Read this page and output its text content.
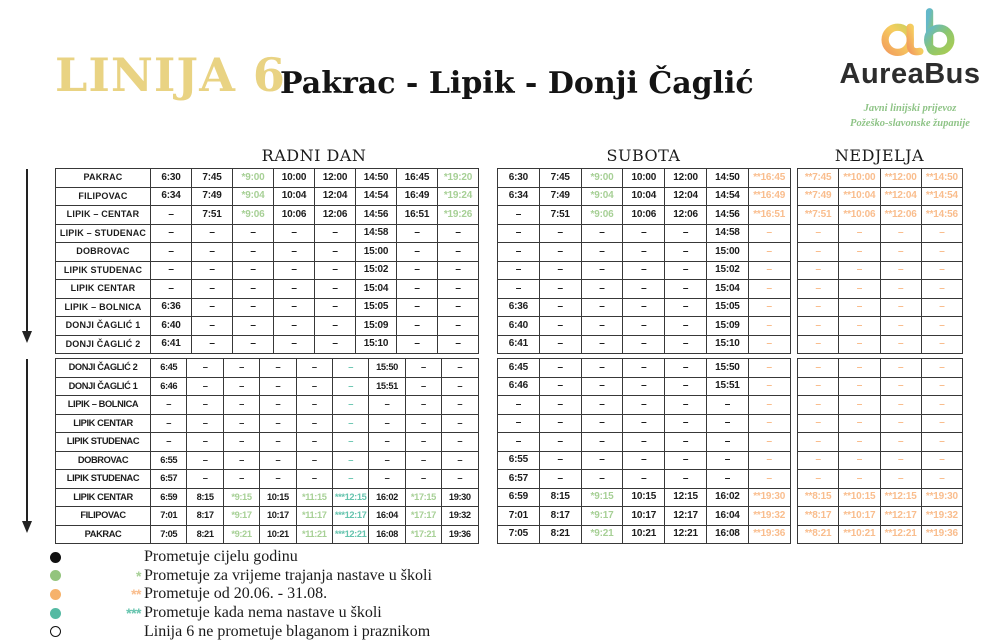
LINIJA 6
Pakrac - Lipik - Donji Čaglić	AureaBus
Javni linijski prijevoz
Požeško-slavonske županije
RADNI DAN	SUBOTA	NEDJELJA
PAKRAC	6:30	7:45	*9:00	10:00	12:00	14:50	16:45	*19:20
FILIPOVAC	6:34	7:49	*9:04	10:04	12:04	14:54	16:49	*19:24
LIPIK – CENTAR	–	7:51	*9:06	10:06	12:06	14:56	16:51	*19:26
LIPIK – STUDENAC	–	–	–	–	–	14:58	–	–
DOBROVAC	–	–	–	–	–	15:00	–	–
LIPIK STUDENAC	–	–	–	–	–	15:02	–	–
LIPIK CENTAR	–	–	–	–	–	15:04	–	–
LIPIK – BOLNICA	6:36	–	–	–	–	15:05	–	–
DONJI ČAGLIĆ 1	6:40	–	–	–	–	15:09	–	–
DONJI ČAGLIĆ 2	6:41	–	–	–	–	15:10	–	–
DONJI ČAGLIĆ 2	6:45	–	–	–	–	–	15:50	–	–
DONJI ČAGLIĆ 1	6:46	–	–	–	–	–	15:51	–	–
LIPIK – BOLNICA	–	–	–	–	–	–	–	–	–
LIPIK CENTAR	–	–	–	–	–	–	–	–	–
LIPIK STUDENAC	–	–	–	–	–	–	–	–	–
DOBROVAC	6:55	–	–	–	–	–	–	–	–
LIPIK STUDENAC	6:57	–	–	–	–	–	–	–	–
LIPIK CENTAR	6:59	8:15	*9:15	10:15	*11:15	***12:15	16:02	*17:15	19:30
FILIPOVAC	7:01	8:17	*9:17	10:17	*11:17	***12:17	16:04	*17:17	19:32
PAKRAC	7:05	8:21	*9:21	10:21	*11:21	***12:21	16:08	*17:21	19:36
6:30	7:45	*9:00	10:00	12:00	14:50	**16:45
6:34	7:49	*9:04	10:04	12:04	14:54	**16:49
–	7:51	*9:06	10:06	12:06	14:56	**16:51
–	–	–	–	–	14:58	–
–	–	–	–	–	15:00	–
–	–	–	–	–	15:02	–
–	–	–	–	–	15:04	–
6:36	–	–	–	–	15:05	–
6:40	–	–	–	–	15:09	–
6:41	–	–	–	–	15:10	–
6:45	–	–	–	–	15:50	–
6:46	–	–	–	–	15:51	–
–	–	–	–	–	–	–
–	–	–	–	–	–	–
–	–	–	–	–	–	–
6:55	–	–	–	–	–	–
6:57	–	–	–	–	–	–
6:59	8:15	*9:15	10:15	12:15	16:02	**19:30
7:01	8:17	*9:17	10:17	12:17	16:04	**19:32
7:05	8:21	*9:21	10:21	12:21	16:08	**19:36
**7:45	**10:00	**12:00	**14:50
**7:49	**10:04	**12:04	**14:54
**7:51	**10:06	**12:06	**14:56
–	–	–	–
–	–	–	–
–	–	–	–
–	–	–	–
–	–	–	–
–	–	–	–
–	–	–	–
–	–	–	–
–	–	–	–
–	–	–	–
–	–	–	–
–	–	–	–
–	–	–	–
–	–	–	–
**8:15	**10:15	**12:15	**19:30
**8:17	**10:17	**12:17	**19:32
**8:21	**10:21	**12:21	**19:36
Prometuje cijelu godinu
* Prometuje za vrijeme trajanja nastave u školi
** Prometuje od 20.06. - 31.08.
*** Prometuje kada nema nastave u školi
Linija 6 ne prometuje blaganom i praznikom
